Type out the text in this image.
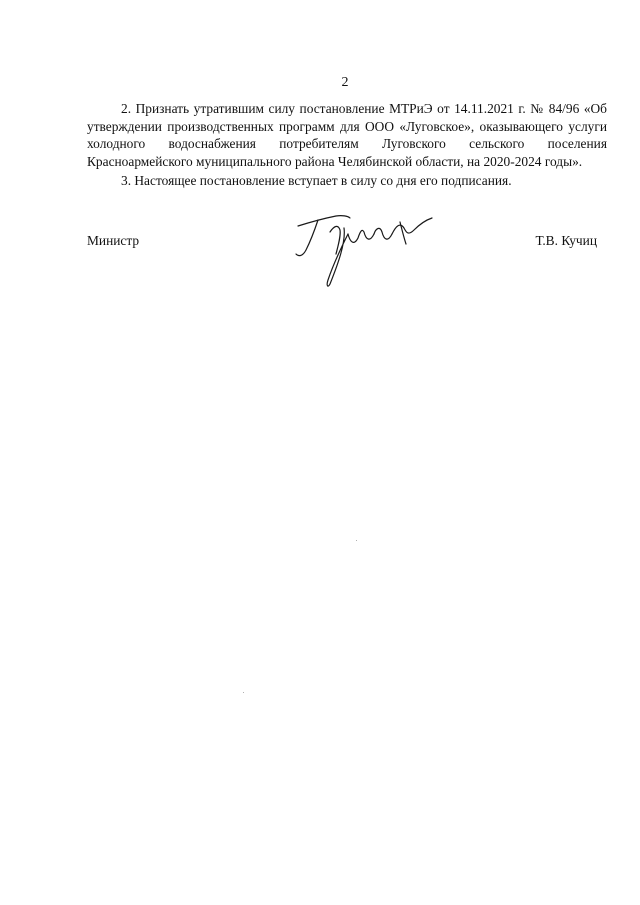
2

2. Признать утратившим силу постановление МТРиЭ от 14.11.2021 г. № 84/96 «Об утверждении производственных программ для ООО «Луговское», оказывающего услуги холодного водоснабжения потребителям Луговского сельского поселения Красноармейского муниципального района Челябинской области, на 2020-2024 годы».

3. Настоящее постановление вступает в силу со дня его подписания.

Министр	Т.В. Кучиц
